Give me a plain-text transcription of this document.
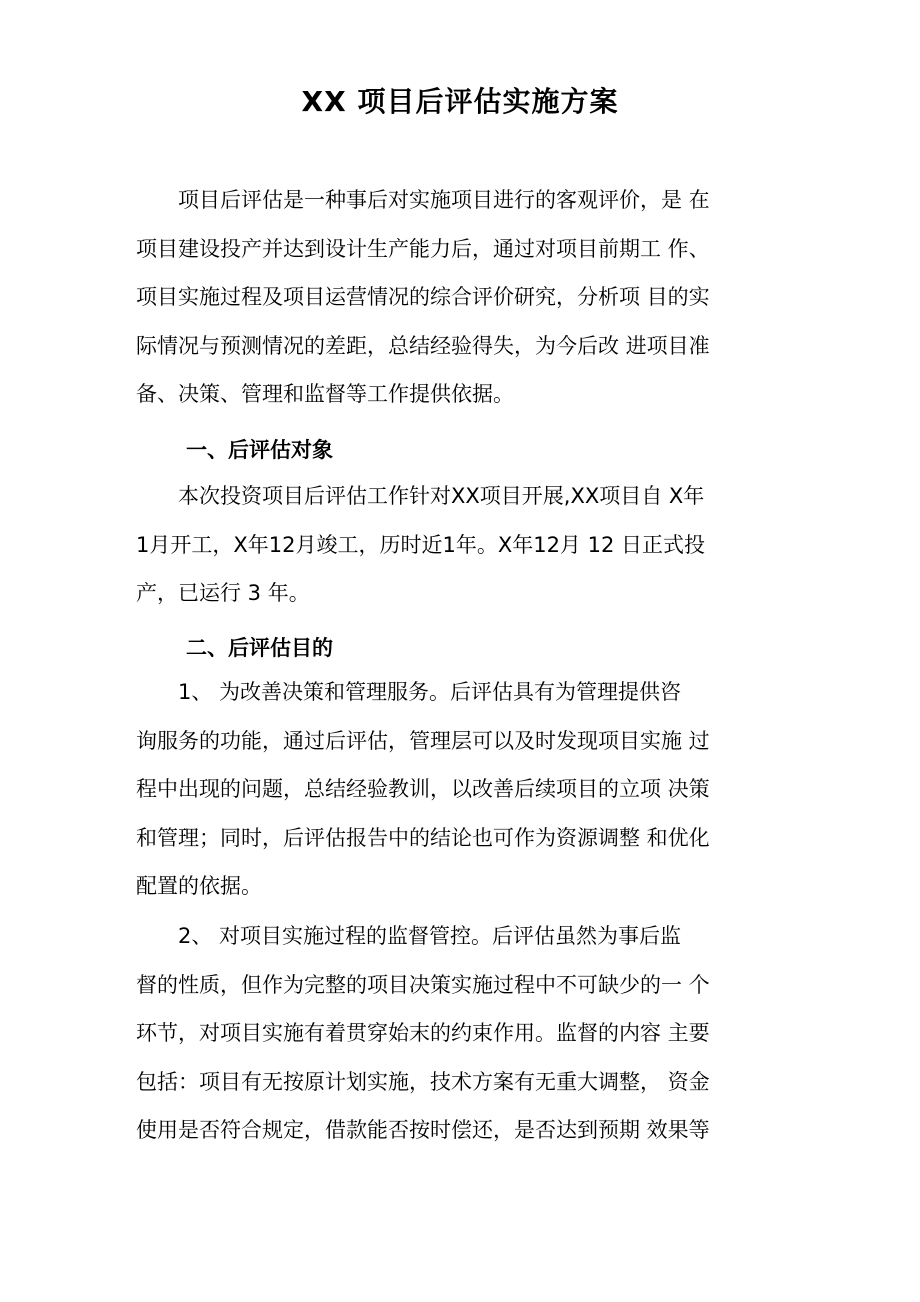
XX 项目后评估实施方案
　　项目后评估是一种事后对实施项目进行的客观评价，是 在
项目建设投产并达到设计生产能力后，通过对项目前期工 作、
项目实施过程及项目运营情况的综合评价研究，分析项 目的实
际情况与预测情况的差距，总结经验得失，为今后改 进项目准
备、决策、管理和监督等工作提供依据。
一、后评估对象
　　本次投资项目后评估工作针对XX项目开展,XX项目自 X年
1月开工，X年12月竣工，历时近1年。X年12月 12 日正式投
产，已运行 3 年。
二、后评估目的
　　1、 为改善决策和管理服务。后评估具有为管理提供咨
询服务的功能，通过后评估，管理层可以及时发现项目实施 过
程中出现的问题，总结经验教训，以改善后续项目的立项 决策
和管理；同时，后评估报告中的结论也可作为资源调整 和优化
配置的依据。
　　2、 对项目实施过程的监督管控。后评估虽然为事后监
督的性质，但作为完整的项目决策实施过程中不可缺少的一 个
环节，对项目实施有着贯穿始末的约束作用。监督的内容 主要
包括：项目有无按原计划实施，技术方案有无重大调整， 资金
使用是否符合规定，借款能否按时偿还，是否达到预期 效果等
